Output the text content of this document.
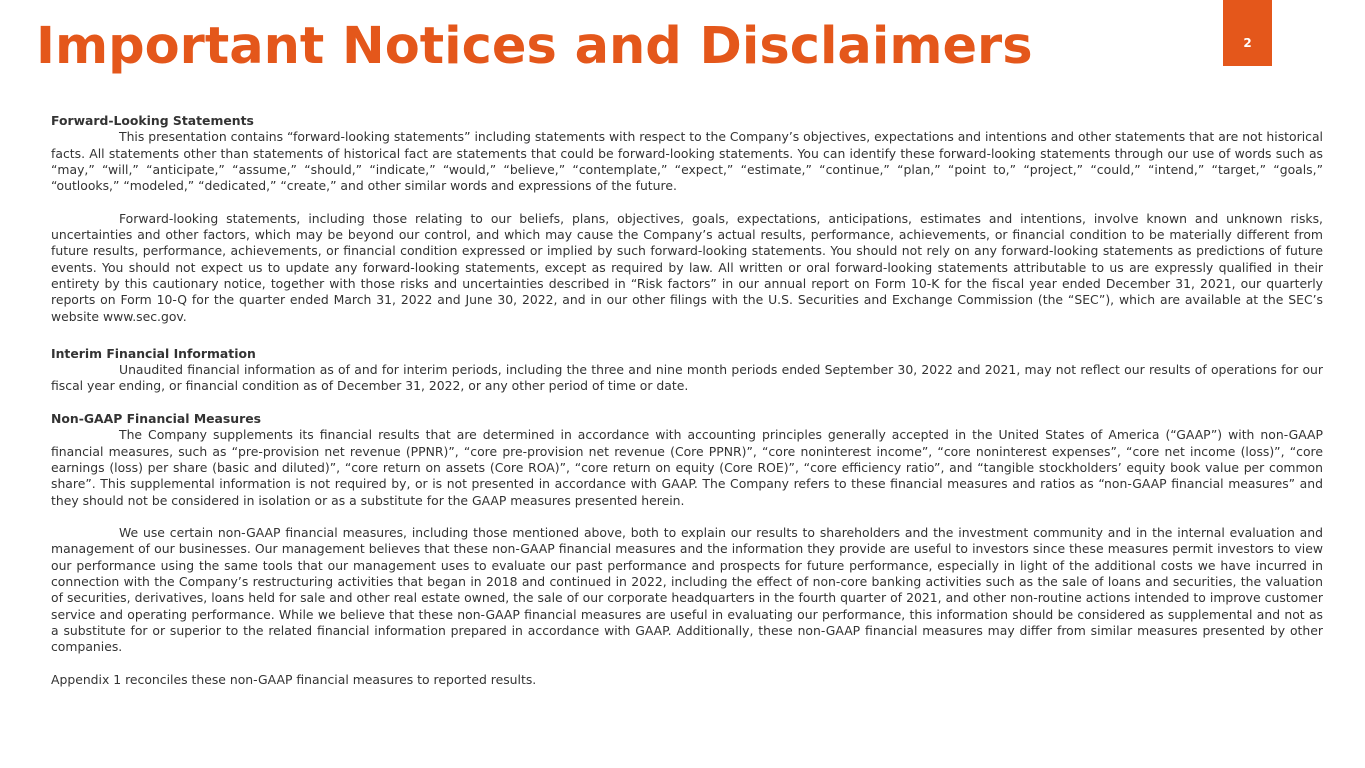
Important Notices and Disclaimers	2

Forward-Looking Statements

This presentation contains “forward-looking statements” including statements with respect to the Company’s objectives, expectations and intentions and other statements that are not historical facts. All statements other than statements of historical fact are statements that could be forward-looking statements. You can identify these forward-looking statements through our use of words such as “may,” “will,” “anticipate,” “assume,” “should,” “indicate,” “would,” “believe,” “contemplate,” “expect,” “estimate,” “continue,” “plan,” “point to,” “project,” “could,” “intend,” “target,” “goals,” “outlooks,” “modeled,” “dedicated,” “create,” and other similar words and expressions of the future.

Forward-looking statements, including those relating to our beliefs, plans, objectives, goals, expectations, anticipations, estimates and intentions, involve known and unknown risks, uncertainties and other factors, which may be beyond our control, and which may cause the Company’s actual results, performance, achievements, or financial condition to be materially different from future results, performance, achievements, or financial condition expressed or implied by such forward-looking statements. You should not rely on any forward-looking statements as predictions of future events. You should not expect us to update any forward-looking statements, except as required by law. All written or oral forward-looking statements attributable to us are expressly qualified in their entirety by this cautionary notice, together with those risks and uncertainties described in “Risk factors” in our annual report on Form 10-K for the fiscal year ended December 31, 2021, our quarterly reports on Form 10-Q for the quarter ended March 31, 2022 and June 30, 2022, and in our other filings with the U.S. Securities and Exchange Commission (the “SEC”), which are available at the SEC’s website www.sec.gov.

Interim Financial Information

Unaudited financial information as of and for interim periods, including the three and nine month periods ended September 30, 2022 and 2021, may not reflect our results of operations for our fiscal year ending, or financial condition as of December 31, 2022, or any other period of time or date.

Non-GAAP Financial Measures

The Company supplements its financial results that are determined in accordance with accounting principles generally accepted in the United States of America (“GAAP”) with non-GAAP financial measures, such as “pre-provision net revenue (PPNR)”, “core pre-provision net revenue (Core PPNR)”, “core noninterest income”, “core noninterest expenses”, “core net income (loss)”, “core earnings (loss) per share (basic and diluted)”, “core return on assets (Core ROA)”, “core return on equity (Core ROE)”, “core efficiency ratio”, and “tangible stockholders’ equity book value per common share”. This supplemental information is not required by, or is not presented in accordance with GAAP. The Company refers to these financial measures and ratios as “non-GAAP financial measures” and they should not be considered in isolation or as a substitute for the GAAP measures presented herein.

We use certain non-GAAP financial measures, including those mentioned above, both to explain our results to shareholders and the investment community and in the internal evaluation and management of our businesses. Our management believes that these non-GAAP financial measures and the information they provide are useful to investors since these measures permit investors to view our performance using the same tools that our management uses to evaluate our past performance and prospects for future performance, especially in light of the additional costs we have incurred in connection with the Company’s restructuring activities that began in 2018 and continued in 2022, including the effect of non-core banking activities such as the sale of loans and securities, the valuation of securities, derivatives, loans held for sale and other real estate owned, the sale of our corporate headquarters in the fourth quarter of 2021, and other non-routine actions intended to improve customer service and operating performance. While we believe that these non-GAAP financial measures are useful in evaluating our performance, this information should be considered as supplemental and not as a substitute for or superior to the related financial information prepared in accordance with GAAP. Additionally, these non-GAAP financial measures may differ from similar measures presented by other companies.

Appendix 1 reconciles these non-GAAP financial measures to reported results.
